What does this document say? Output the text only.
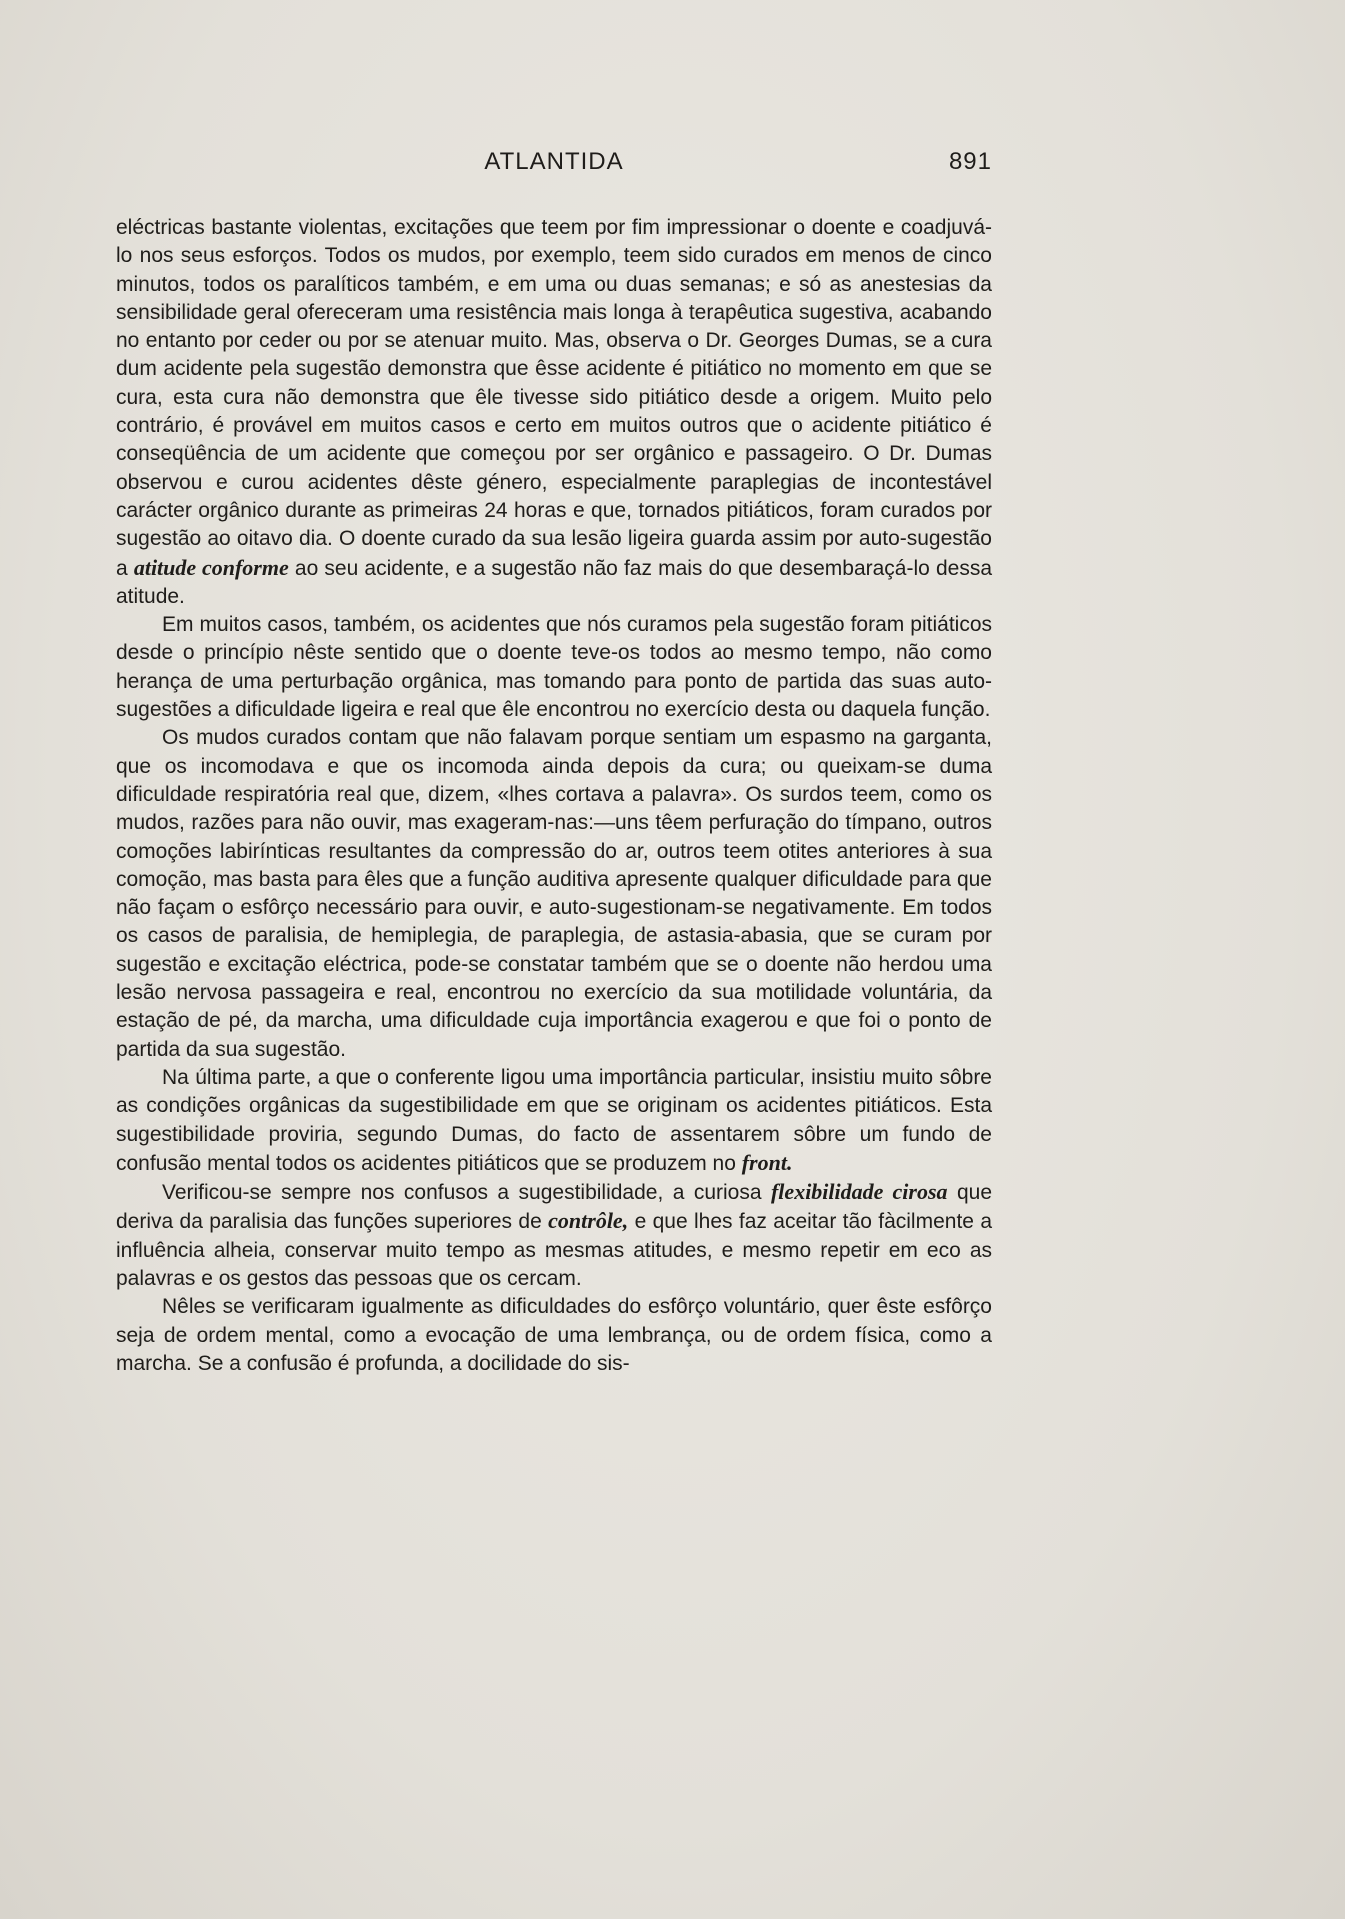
ATLANTIDA	891

eléctricas bastante violentas, excitações que teem por fim impressionar o doente e coadjuvá-lo nos seus esforços. Todos os mudos, por exemplo, teem sido curados em menos de cinco minutos, todos os paralíticos também, e em uma ou duas semanas; e só as anestesias da sensibilidade geral ofereceram uma resistência mais longa à terapêutica sugestiva, acabando no entanto por ceder ou por se atenuar muito. Mas, observa o Dr. Georges Dumas, se a cura dum acidente pela sugestão demonstra que êsse acidente é pitiático no momento em que se cura, esta cura não demonstra que êle tivesse sido pitiático desde a origem. Muito pelo contrário, é provável em muitos casos e certo em muitos outros que o acidente pitiático é conseqüência de um acidente que começou por ser orgânico e passageiro. O Dr. Dumas observou e curou acidentes dêste género, especialmente paraplegias de incontestável carácter orgânico durante as primeiras 24 horas e que, tornados pitiáticos, foram curados por sugestão ao oitavo dia. O doente curado da sua lesão ligeira guarda assim por auto-sugestão a atitude conforme ao seu acidente, e a sugestão não faz mais do que desembaraçá-lo dessa atitude.

Em muitos casos, também, os acidentes que nós curamos pela sugestão foram pitiáticos desde o princípio nêste sentido que o doente teve-os todos ao mesmo tempo, não como herança de uma perturbação orgânica, mas tomando para ponto de partida das suas auto-sugestões a dificuldade ligeira e real que êle encontrou no exercício desta ou daquela função.

Os mudos curados contam que não falavam porque sentiam um espasmo na garganta, que os incomodava e que os incomoda ainda depois da cura; ou queixam-se duma dificuldade respiratória real que, dizem, «lhes cortava a palavra». Os surdos teem, como os mudos, razões para não ouvir, mas exageram-nas:—uns têem perfuração do tímpano, outros comoções labirínticas resultantes da compressão do ar, outros teem otites anteriores à sua comoção, mas basta para êles que a função auditiva apresente qualquer dificuldade para que não façam o esfôrço necessário para ouvir, e auto-sugestionam-se negativamente. Em todos os casos de paralisia, de hemiplegia, de paraplegia, de astasia-abasia, que se curam por sugestão e excitação eléctrica, pode-se constatar também que se o doente não herdou uma lesão nervosa passageira e real, encontrou no exercício da sua motilidade voluntária, da estação de pé, da marcha, uma dificuldade cuja importância exagerou e que foi o ponto de partida da sua sugestão.

Na última parte, a que o conferente ligou uma importância particular, insistiu muito sôbre as condições orgânicas da sugestibilidade em que se originam os acidentes pitiáticos. Esta sugestibilidade proviria, segundo Dumas, do facto de assentarem sôbre um fundo de confusão mental todos os acidentes pitiáticos que se produzem no front.

Verificou-se sempre nos confusos a sugestibilidade, a curiosa flexibilidade cirosa que deriva da paralisia das funções superiores de contrôle, e que lhes faz aceitar tão fàcilmente a influência alheia, conservar muito tempo as mesmas atitudes, e mesmo repetir em eco as palavras e os gestos das pessoas que os cercam.

Nêles se verificaram igualmente as dificuldades do esfôrço voluntário, quer êste esfôrço seja de ordem mental, como a evocação de uma lembrança, ou de ordem física, como a marcha. Se a confusão é profunda, a docilidade do sis-
